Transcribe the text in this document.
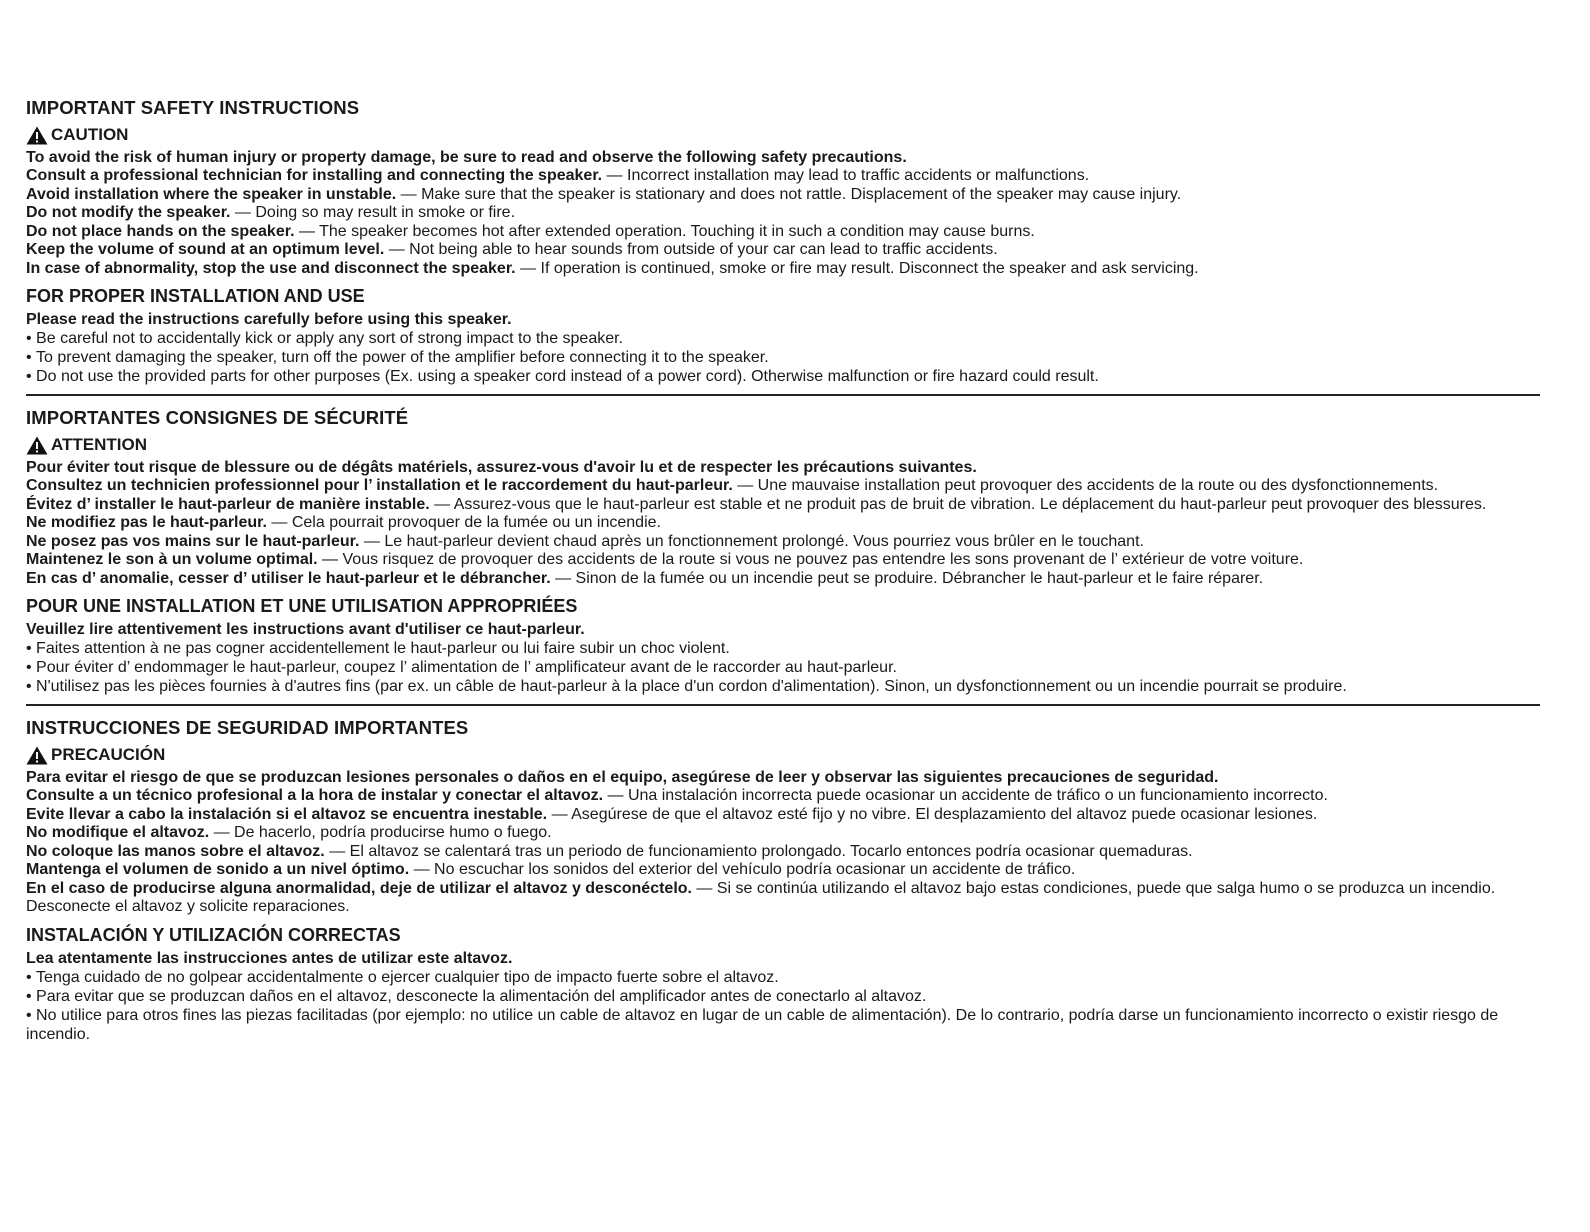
IMPORTANT SAFETY INSTRUCTIONS
CAUTION

To avoid the risk of human injury or property damage, be sure to read and observe the following safety precautions.

Consult a professional technician for installing and connecting the speaker. — Incorrect installation may lead to traffic accidents or malfunctions.

Avoid installation where the speaker in unstable. — Make sure that the speaker is stationary and does not rattle. Displacement of the speaker may cause injury.

Do not modify the speaker. — Doing so may result in smoke or fire.

Do not place hands on the speaker. — The speaker becomes hot after extended operation. Touching it in such a condition may cause burns.

Keep the volume of sound at an optimum level. — Not being able to hear sounds from outside of your car can lead to traffic accidents.

In case of abnormality, stop the use and disconnect the speaker. — If operation is continued, smoke or fire may result. Disconnect the speaker and ask servicing.

FOR PROPER INSTALLATION AND USE

Please read the instructions carefully before using this speaker.

• Be careful not to accidentally kick or apply any sort of strong impact to the speaker.
• To prevent damaging the speaker, turn off the power of the amplifier before connecting it to the speaker.
• Do not use the provided parts for other purposes (Ex. using a speaker cord instead of a power cord). Otherwise malfunction or fire hazard could result.
IMPORTANTES CONSIGNES DE SÉCURITÉ
ATTENTION

Pour éviter tout risque de blessure ou de dégâts matériels, assurez-vous d'avoir lu et de respecter les précautions suivantes.

Consultez un technicien professionnel pour l’ installation et le raccordement du haut-parleur. — Une mauvaise installation peut provoquer des accidents de la route ou des dysfonctionnements.

Évitez d’ installer le haut-parleur de manière instable. — Assurez-vous que le haut-parleur est stable et ne produit pas de bruit de vibration. Le déplacement du haut-parleur peut provoquer des blessures.

Ne modifiez pas le haut-parleur. — Cela pourrait provoquer de la fumée ou un incendie.

Ne posez pas vos mains sur le haut-parleur. — Le haut-parleur devient chaud après un fonctionnement prolongé. Vous pourriez vous brûler en le touchant.

Maintenez le son à un volume optimal. — Vous risquez de provoquer des accidents de la route si vous ne pouvez pas entendre les sons provenant de l’ extérieur de votre voiture.

En cas d’ anomalie, cesser d’ utiliser le haut-parleur et le débrancher. — Sinon de la fumée ou un incendie peut se produire. Débrancher le haut-parleur et le faire réparer.

POUR UNE INSTALLATION ET UNE UTILISATION APPROPRIÉES

Veuillez lire attentivement les instructions avant d'utiliser ce haut-parleur.

• Faites attention à ne pas cogner accidentellement le haut-parleur ou lui faire subir un choc violent.
• Pour éviter d’ endommager le haut-parleur, coupez l’ alimentation de l’ amplificateur avant de le raccorder au haut-parleur.
• N'utilisez pas les pièces fournies à d'autres fins (par ex. un câble de haut-parleur à la place d'un cordon d'alimentation). Sinon, un dysfonctionnement ou un incendie pourrait se produire.
INSTRUCCIONES DE SEGURIDAD IMPORTANTES
PRECAUCIÓN

Para evitar el riesgo de que se produzcan lesiones personales o daños en el equipo, asegúrese de leer y observar las siguientes precauciones de seguridad.

Consulte a un técnico profesional a la hora de instalar y conectar el altavoz. — Una instalación incorrecta puede ocasionar un accidente de tráfico o un funcionamiento incorrecto.

Evite llevar a cabo la instalación si el altavoz se encuentra inestable. — Asegúrese de que el altavoz esté fijo y no vibre. El desplazamiento del altavoz puede ocasionar lesiones.

No modifique el altavoz. — De hacerlo, podría producirse humo o fuego.

No coloque las manos sobre el altavoz. — El altavoz se calentará tras un periodo de funcionamiento prolongado. Tocarlo entonces podría ocasionar quemaduras.

Mantenga el volumen de sonido a un nivel óptimo. — No escuchar los sonidos del exterior del vehículo podría ocasionar un accidente de tráfico.

En el caso de producirse alguna anormalidad, deje de utilizar el altavoz y desconéctelo. — Si se continúa utilizando el altavoz bajo estas condiciones, puede que salga humo o se produzca un incendio. Desconecte el altavoz y solicite reparaciones.

INSTALACIÓN Y UTILIZACIÓN CORRECTAS

Lea atentamente las instrucciones antes de utilizar este altavoz.

• Tenga cuidado de no golpear accidentalmente o ejercer cualquier tipo de impacto fuerte sobre el altavoz.
• Para evitar que se produzcan daños en el altavoz, desconecte la alimentación del amplificador antes de conectarlo al altavoz.
• No utilice para otros fines las piezas facilitadas (por ejemplo: no utilice un cable de altavoz en lugar de un cable de alimentación). De lo contrario, podría darse un funcionamiento incorrecto o existir riesgo de incendio.
